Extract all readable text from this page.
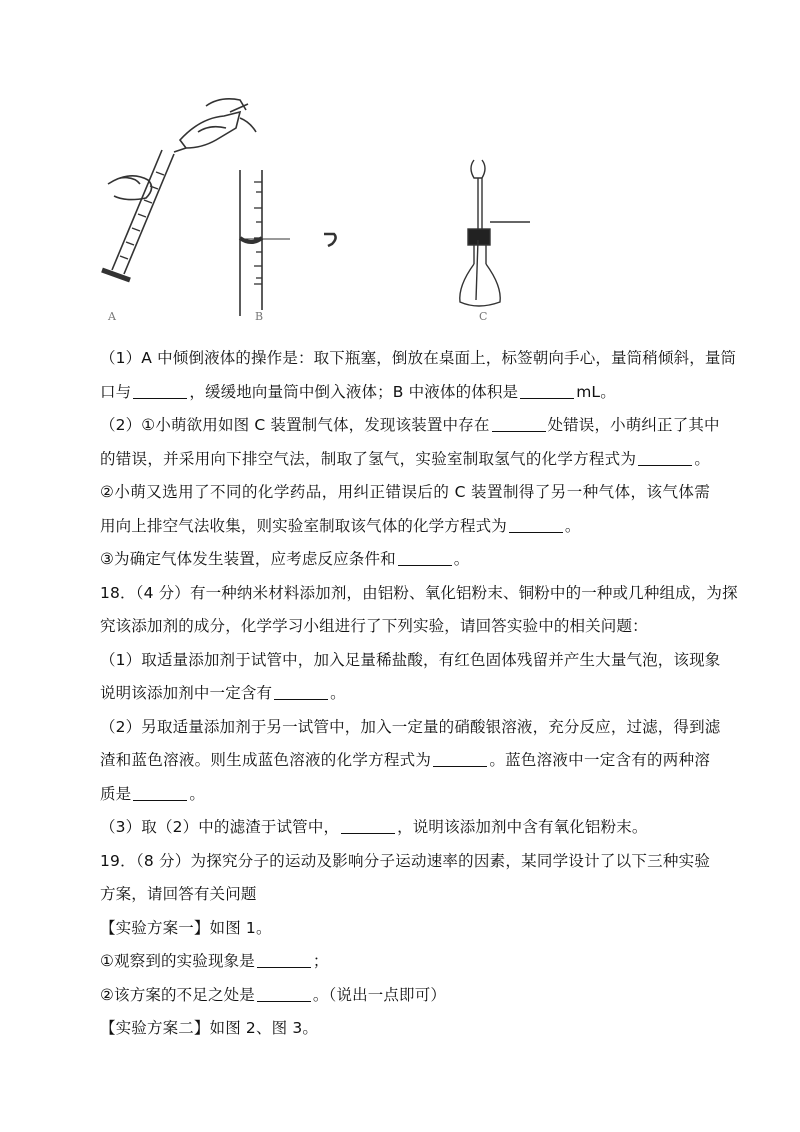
A	B	C
（1）A 中倾倒液体的操作是：取下瓶塞，倒放在桌面上，标签朝向手心，量筒稍倾斜，量筒
口与	，缓缓地向量筒中倒入液体；B 中液体的体积是	mL。
（2）①小萌欲用如图 C 装置制气体，发现该装置中存在	处错误，小萌纠正了其中
的错误，并采用向下排空气法，制取了氢气，实验室制取氢气的化学方程式为	。
②小萌又选用了不同的化学药品，用纠正错误后的 C 装置制得了另一种气体，该气体需
用向上排空气法收集，则实验室制取该气体的化学方程式为	。
③为确定气体发生装置，应考虑反应条件和	。
18．（4 分）有一种纳米材料添加剂，由铝粉、氧化铝粉末、铜粉中的一种或几种组成，为探
究该添加剂的成分，化学学习小组进行了下列实验，请回答实验中的相关问题：
（1）取适量添加剂于试管中，加入足量稀盐酸，有红色固体残留并产生大量气泡，该现象
说明该添加剂中一定含有	。
（2）另取适量添加剂于另一试管中，加入一定量的硝酸银溶液，充分反应，过滤，得到滤
渣和蓝色溶液。则生成蓝色溶液的化学方程式为	。蓝色溶液中一定含有的两种溶
质是	。
（3）取（2）中的滤渣于试管中，	，说明该添加剂中含有氧化铝粉末。
19．（8 分）为探究分子的运动及影响分子运动速率的因素，某同学设计了以下三种实验
方案，请回答有关问题
【实验方案一】如图 1。
①观察到的实验现象是	；
②该方案的不足之处是	。（说出一点即可）
【实验方案二】如图 2、图 3。
